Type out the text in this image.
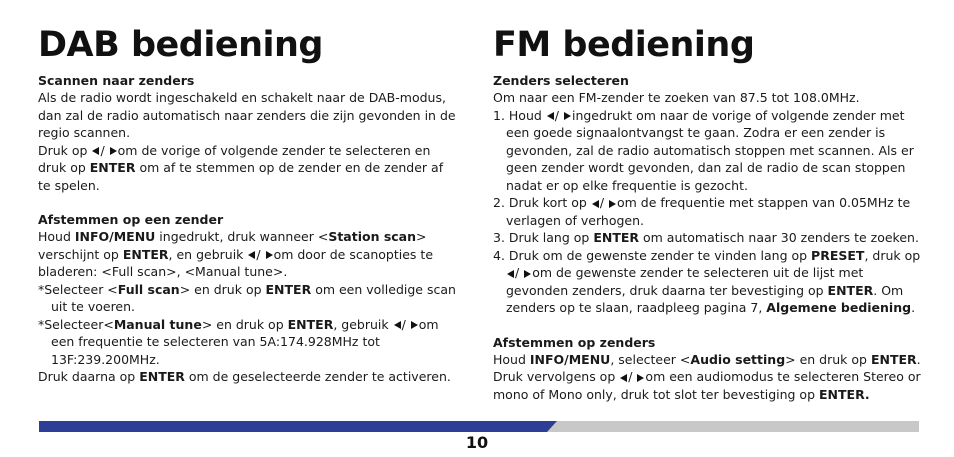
DAB bediening
Scannen naar zenders

Als de radio wordt ingeschakeld en schakelt naar de DAB-modus, dan zal de radio automatisch naar zenders die zijn gevonden in de regio scannen.

Druk op / om de vorige of volgende zender te selecteren en druk op ENTER om af te stemmen op de zender en de zender af te spelen.

Afstemmen op een zender

Houd INFO/MENU ingedrukt, druk wanneer <Station scan> verschijnt op ENTER, en gebruik / om door de scanopties te bladeren: <Full scan>, <Manual tune>.

*Selecteer <Full scan> en druk op ENTER om een volledige scan uit te voeren.

*Selecteer<Manual tune> en druk op ENTER, gebruik / om een frequentie te selecteren van 5A:174.928MHz tot 13F:239.200MHz.

Druk daarna op ENTER om de geselecteerde zender te activeren.

FM bediening
Zenders selecteren

Om naar een FM-zender te zoeken van 87.5 tot 108.0MHz.

1. Houd / ingedrukt om naar de vorige of volgende zender met een goede signaalontvangst te gaan. Zodra er een zender is gevonden, zal de radio automatisch stoppen met scannen. Als er geen zender wordt gevonden, dan zal de radio de scan stoppen nadat er op elke frequentie is gezocht.

2. Druk kort op / om de frequentie met stappen van 0.05MHz te verlagen of verhogen.

3. Druk lang op ENTER om automatisch naar 30 zenders te zoeken.

4. Druk om de gewenste zender te vinden lang op PRESET, druk op / om de gewenste zender te selecteren uit de lijst met gevonden zenders, druk daarna ter bevestiging op ENTER. Om zenders op te slaan, raadpleeg pagina 7, Algemene bediening.

Afstemmen op zenders

Houd INFO/MENU, selecteer <Audio setting> en druk op ENTER.

Druk vervolgens op / om een audiomodus te selecteren Stereo or mono of Mono only, druk tot slot ter bevestiging op ENTER.

10
